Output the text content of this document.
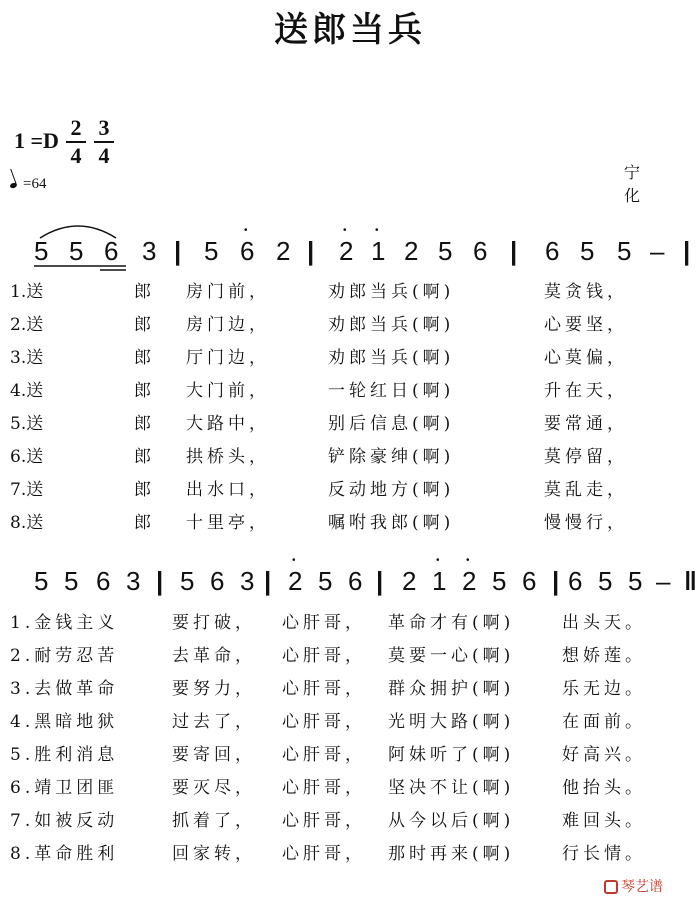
送郎当兵
1 =D
2
4
3
4
=64
宁 化
5 5 6 3 | 5 6
•
2 | 2
•
1
•
2 5 6 | 6 5 5 – |
5 5 6 3 | 5 6 3 | 2
•
5 6 | 2 1
•
2
•
5 6 | 6 5 5 – ‖
1.送	郎 房门前，	劝郎当兵(啊)	莫贪钱，
2.送	郎 房门边，	劝郎当兵(啊)	心要坚，
3.送	郎 厅门边，	劝郎当兵(啊)	心莫偏，
4.送	郎 大门前，	一轮红日(啊)	升在天，
5.送	郎 大路中，	别后信息(啊)	要常通，
6.送	郎 拱桥头，	铲除豪绅(啊)	莫停留，
7.送	郎 出水口，	反动地方(啊)	莫乱走，
8.送	郎 十里亭，	嘱咐我郎(啊)	慢慢行，
1.金钱主义	要打破， 心肝哥， 革命才有(啊)	出头天。
2.耐劳忍苦	去革命， 心肝哥， 莫要一心(啊)	想娇莲。
3.去做革命	要努力， 心肝哥， 群众拥护(啊)	乐无边。
4.黑暗地狱	过去了， 心肝哥， 光明大路(啊)	在面前。
5.胜利消息	要寄回， 心肝哥， 阿妹听了(啊)	好高兴。
6.靖卫团匪	要灭尽， 心肝哥， 坚决不让(啊)	他抬头。
7.如被反动	抓着了， 心肝哥， 从今以后(啊)	难回头。
8.革命胜利	回家转， 心肝哥， 那时再来(啊)	行长情。
琴艺谱
